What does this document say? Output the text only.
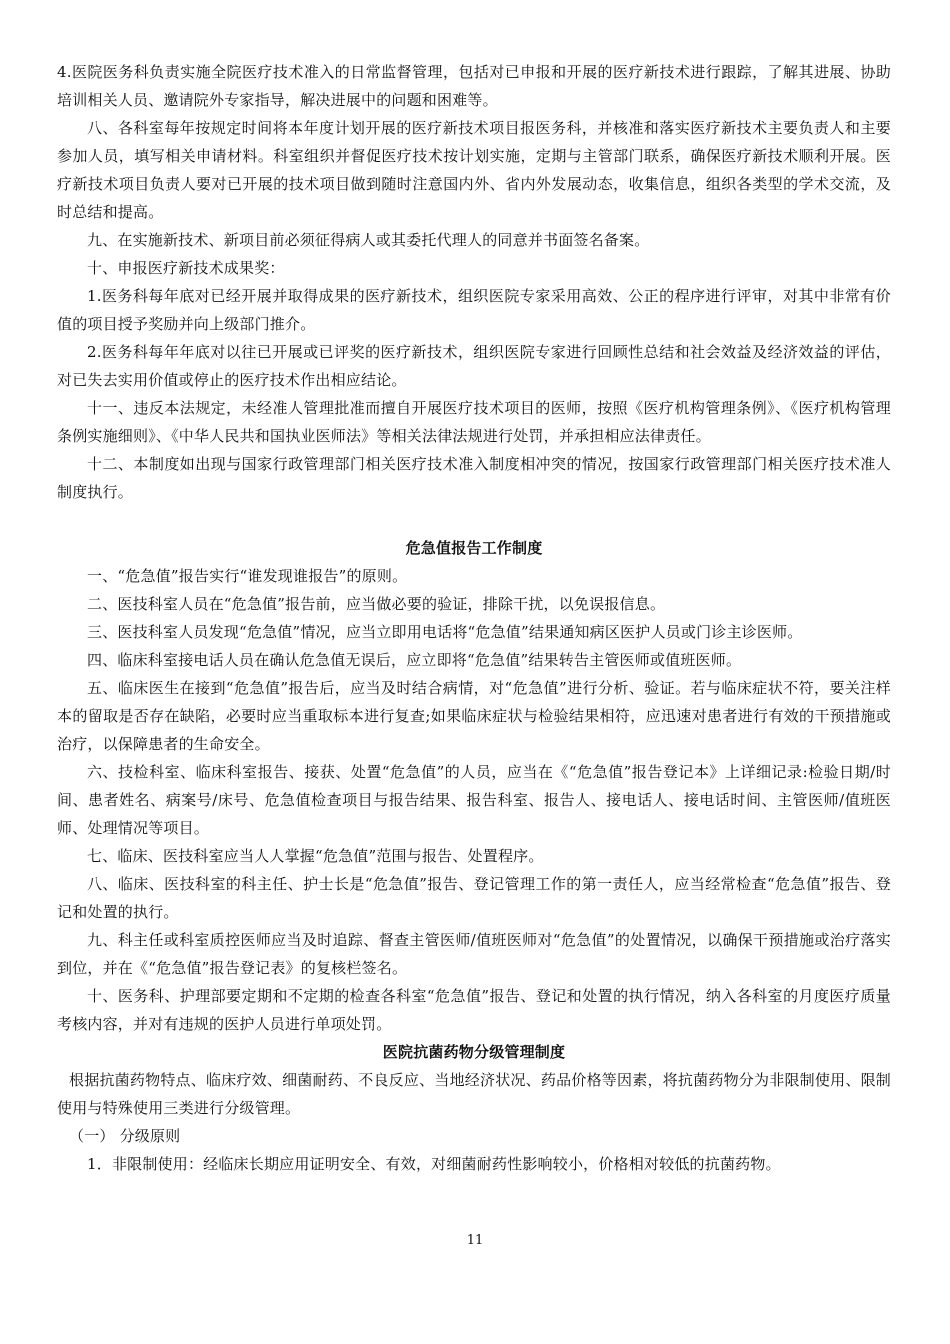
4.医院医务科负责实施全院医疗技术准入的日常监督管理，包括对已申报和开展的医疗新技术进行跟踪，了解其进展、协助培训相关人员、邀请院外专家指导，解决进展中的问题和困难等。

八、各科室每年按规定时间将本年度计划开展的医疗新技术项目报医务科，并核准和落实医疗新技术主要负责人和主要参加人员，填写相关申请材料。科室组织并督促医疗技术按计划实施，定期与主管部门联系，确保医疗新技术顺利开展。医疗新技术项目负责人要对已开展的技术项目做到随时注意国内外、省内外发展动态，收集信息，组织各类型的学术交流，及时总结和提高。

九、在实施新技术、新项目前必须征得病人或其委托代理人的同意并书面签名备案。

十、申报医疗新技术成果奖：

1.医务科每年底对已经开展并取得成果的医疗新技术，组织医院专家采用高效、公正的程序进行评审，对其中非常有价值的项目授予奖励并向上级部门推介。

2.医务科每年年底对以往已开展或已评奖的医疗新技术，组织医院专家进行回顾性总结和社会效益及经济效益的评估，对已失去实用价值或停止的医疗技术作出相应结论。

十一、违反本法规定，未经准人管理批准而擅自开展医疗技术项目的医师，按照《医疗机构管理条例》、《医疗机构管理条例实施细则》、《中华人民共和国执业医师法》等相关法律法规进行处罚，并承担相应法律责任。

十二、本制度如出现与国家行政管理部门相关医疗技术准入制度相冲突的情况，按国家行政管理部门相关医疗技术准人制度执行。

危急值报告工作制度

一、“危急值”报告实行“谁发现谁报告”的原则。

二、医技科室人员在“危急值”报告前，应当做必要的验证，排除干扰，以免误报信息。

三、医技科室人员发现“危急值”情况，应当立即用电话将“危急值”结果通知病区医护人员或门诊主诊医师。

四、临床科室接电话人员在确认危急值无误后，应立即将“危急值”结果转告主管医师或值班医师。

五、临床医生在接到“危急值”报告后，应当及时结合病情，对“危急值”进行分析、验证。若与临床症状不符，要关注样本的留取是否存在缺陷，必要时应当重取标本进行复查;如果临床症状与检验结果相符，应迅速对患者进行有效的干预措施或治疗，以保障患者的生命安全。

六、技检科室、临床科室报告、接获、处置“危急值”的人员，应当在《“危急值”报告登记本》上详细记录:检验日期/时间、患者姓名、病案号/床号、危急值检查项目与报告结果、报告科室、报告人、接电话人、接电话时间、主管医师/值班医师、处理情况等项目。

七、临床、医技科室应当人人掌握“危急值”范围与报告、处置程序。

八、临床、医技科室的科主任、护士长是“危急值”报告、登记管理工作的第一责任人，应当经常检查“危急值”报告、登记和处置的执行。

九、科主任或科室质控医师应当及时追踪、督查主管医师/值班医师对“危急值”的处置情况，以确保干预措施或治疗落实到位，并在《“危急值”报告登记表》的复核栏签名。

十、医务科、护理部要定期和不定期的检查各科室“危急值”报告、登记和处置的执行情况，纳入各科室的月度医疗质量考核内容，并对有违规的医护人员进行单项处罚。

医院抗菌药物分级管理制度

根据抗菌药物特点、临床疗效、细菌耐药、不良反应、当地经济状况、药品价格等因素，将抗菌药物分为非限制使用、限制使用与特殊使用三类进行分级管理。

（一） 分级原则

1．非限制使用：经临床长期应用证明安全、有效，对细菌耐药性影响较小，价格相对较低的抗菌药物。

11
